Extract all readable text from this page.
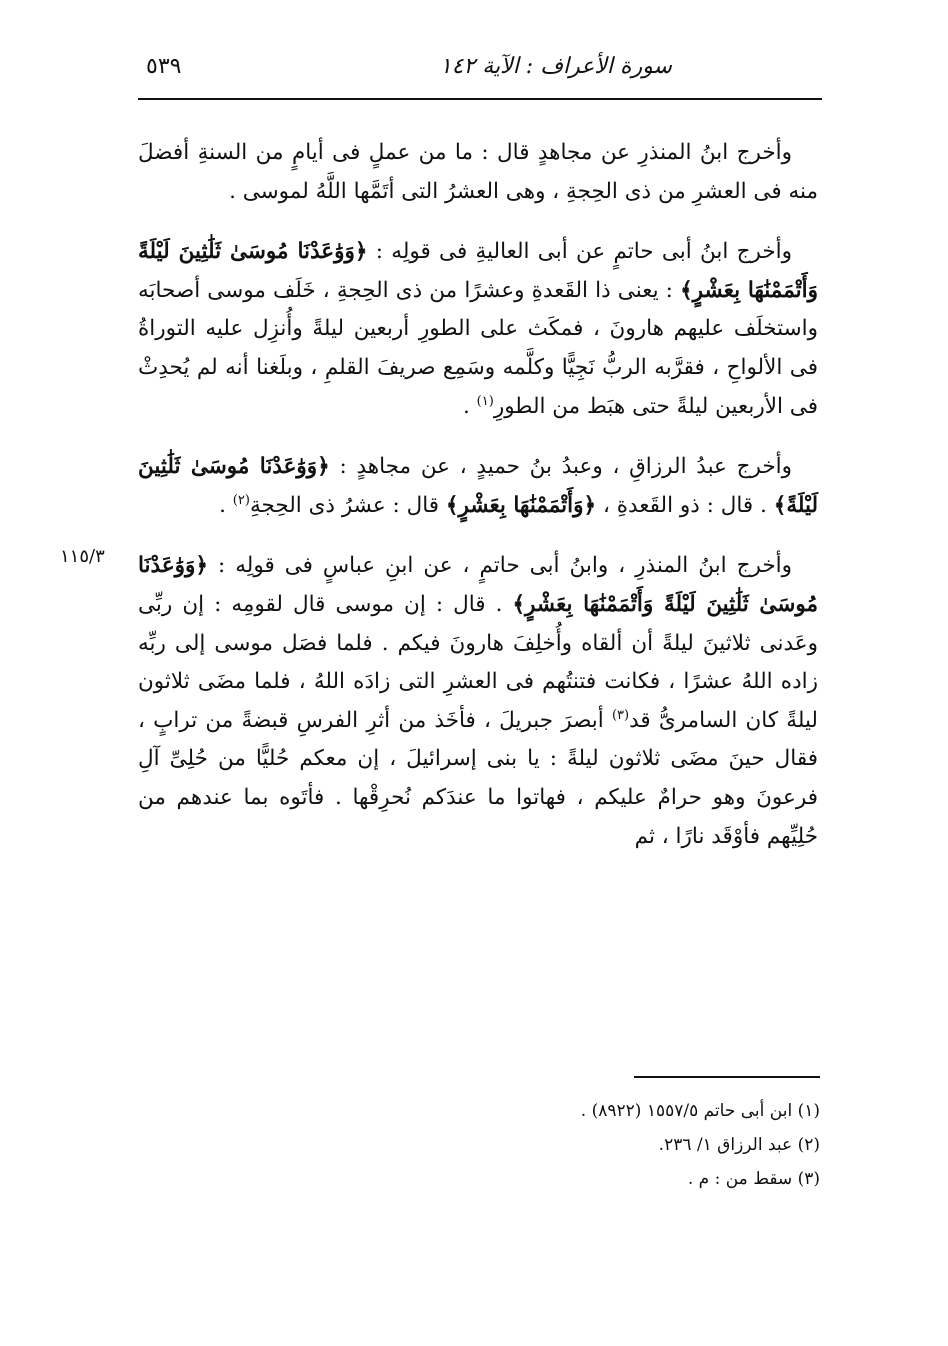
سورة الأعراف : الآية ١٤٢
٥٣٩
١١٥/٣

وأخرج ابنُ المنذرِ عن مجاهدٍ قال : ما من عملٍ فى أيامٍ من السنةِ أفضلَ منه فى العشرِ من ذى الحِجةِ ، وهى العشرُ التى أتَمَّها اللَّهُ لموسى .

وأخرج ابنُ أبى حاتمٍ عن أبى العاليةِ فى قولِه : ﴿وَوَٰعَدْنَا مُوسَىٰ ثَلَٰثِينَ لَيْلَةً وَأَتْمَمْنَٰهَا بِعَشْرٍ﴾ : يعنى ذا القَعدةِ وعشرًا من ذى الحِجةِ ، خَلَف موسى أصحابَه واستخلَف عليهم هارونَ ، فمكَث على الطورِ أربعين ليلةً وأُنزِل عليه التوراةُ فى الألواحِ ، فقرَّبه الربُّ نَجِيًّا وكلَّمه وسَمِع صريفَ القلمِ ، وبلَغنا أنه لم يُحدِثْ فى الأربعين ليلةً حتى هبَط من الطورِ$^{(١)}$ .

وأخرج عبدُ الرزاقِ ، وعبدُ بنُ حميدٍ ، عن مجاهدٍ : ﴿وَوَٰعَدْنَا مُوسَىٰ ثَلَٰثِينَ لَيْلَةً﴾ . قال : ذو القَعدةِ ، ﴿وَأَتْمَمْنَٰهَا بِعَشْرٍ﴾ قال : عشرُ ذى الحِجةِ$^{(٢)}$ .

وأخرج ابنُ المنذرِ ، وابنُ أبى حاتمٍ ، عن ابنِ عباسٍ فى قولِه : ﴿وَوَٰعَدْنَا مُوسَىٰ ثَلَٰثِينَ لَيْلَةً وَأَتْمَمْنَٰهَا بِعَشْرٍ﴾ . قال : إن موسى قال لقومِه : إن ربِّى وعَدنى ثلاثينَ ليلةً أن ألقاه وأُخلِفَ هارونَ فيكم . فلما فصَل موسى إلى ربِّه زاده اللهُ عشرًا ، فكانت فتنتُهم فى العشرِ التى زادَه اللهُ ، فلما مضَى ثلاثون ليلةً كان السامرىُّ قد$^{(٣)}$ أبصرَ جبريلَ ، فأخَذ من أثرِ الفرسِ قبضةً من ترابٍ ، فقال حينَ مضَى ثلاثون ليلةً : يا بنى إسرائيلَ ، إن معكم حُليًّا من حُلِىِّ آلِ فرعونَ وهو حرامٌ عليكم ، فهاتوا ما عندَكم نُحرِقْها . فأتَوه بما عندهم من حُلِيِّهم فأوْقَد نارًا ، ثم

(١) ابن أبى حاتم ١٥٥٧/٥ (٨٩٢٢) .
(٢) عبد الرزاق ١/ ٢٣٦.
(٣) سقط من : م .
